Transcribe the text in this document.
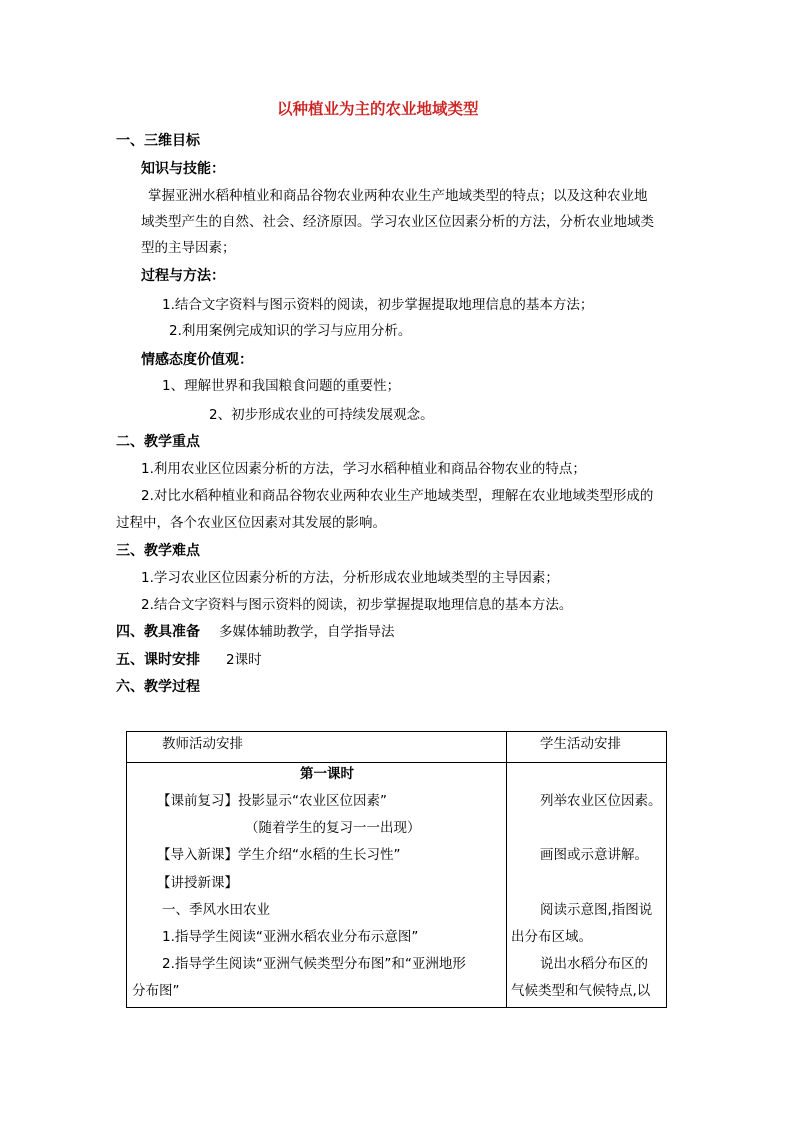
以种植业为主的农业地域类型
一、三维目标
知识与技能：
掌握亚洲水稻种植业和商品谷物农业两种农业生产地域类型的特点；以及这种农业地
域类型产生的自然、社会、经济原因。学习农业区位因素分析的方法，分析农业地域类
型的主导因素；
过程与方法：
1.结合文字资料与图示资料的阅读，初步掌握提取地理信息的基本方法；
2.利用案例完成知识的学习与应用分析。
情感态度价值观：
1、理解世界和我国粮食问题的重要性；
2、初步形成农业的可持续发展观念。
二、教学重点
1.利用农业区位因素分析的方法，学习水稻种植业和商品谷物农业的特点；
2.对比水稻种植业和商品谷物农业两种农业生产地域类型，理解在农业地域类型形成的
过程中，各个农业区位因素对其发展的影响。
三、教学难点
1.学习农业区位因素分析的方法，分析形成农业地域类型的主导因素；
2.结合文字资料与图示资料的阅读，初步掌握提取地理信息的基本方法。
四、教具准备 多媒体辅助教学，自学指导法
五、课时安排 2课时
六、教学过程
教师活动安排	学生活动安排
第一课时
【课前复习】投影显示“农业区位因素”
（随着学生的复习一一出现）
【导入新课】学生介绍“水稻的生长习性”
【讲授新课】
一、季风水田农业
1.指导学生阅读“亚洲水稻农业分布示意图”
2.指导学生阅读“亚洲气候类型分布图”和“亚洲地形
分布图”
列举农业区位因素。
画图或示意讲解。
阅读示意图,指图说
出分布区域。
说出水稻分布区的
气候类型和气候特点,以
